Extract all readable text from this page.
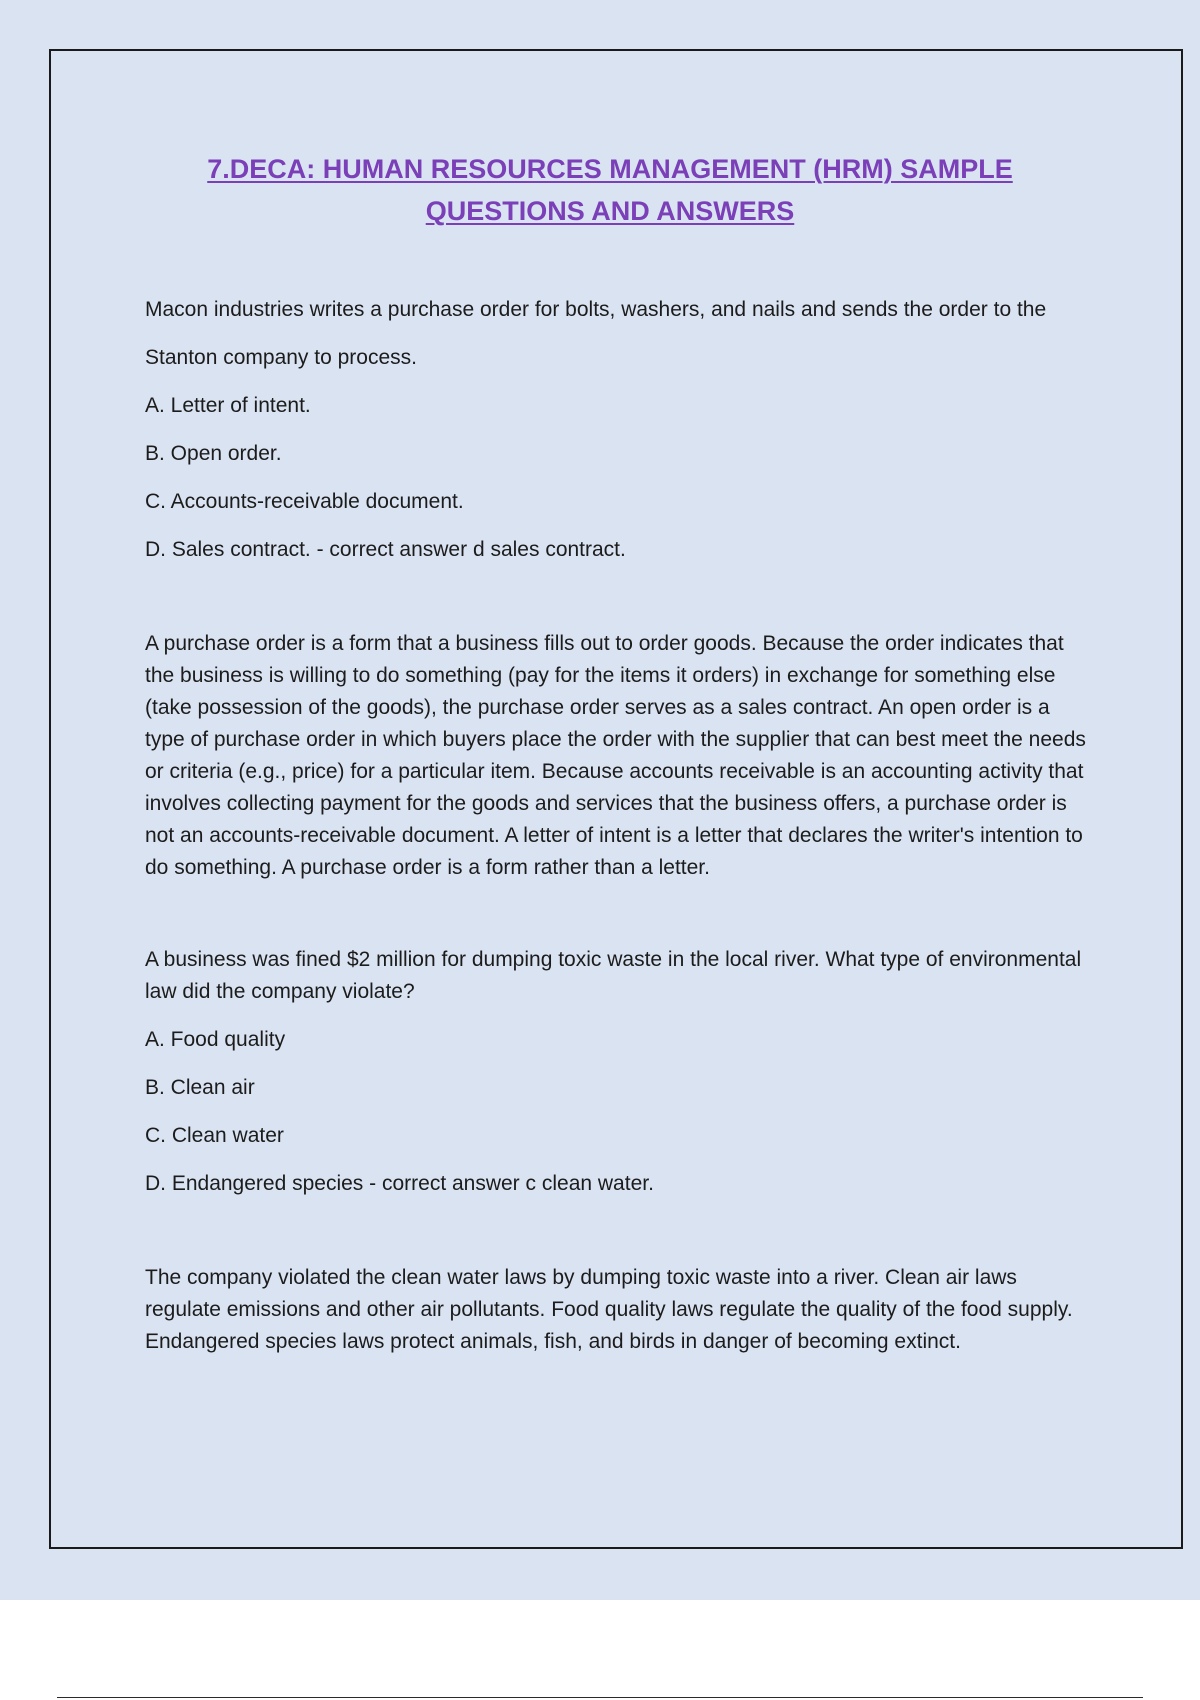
7.DECA: HUMAN RESOURCES MANAGEMENT (HRM) SAMPLE
QUESTIONS AND ANSWERS

Macon industries writes a purchase order for bolts, washers, and nails and sends the order to the

Stanton company to process.

A. Letter of intent.

B. Open order.

C. Accounts-receivable document.

D. Sales contract. - correct answer d sales contract.

A purchase order is a form that a business fills out to order goods. Because the order indicates that the business is willing to do something (pay for the items it orders) in exchange for something else (take possession of the goods), the purchase order serves as a sales contract. An open order is a type of purchase order in which buyers place the order with the supplier that can best meet the needs or criteria (e.g., price) for a particular item. Because accounts receivable is an accounting activity that involves collecting payment for the goods and services that the business offers, a purchase order is not an accounts-receivable document. A letter of intent is a letter that declares the writer's intention to do something. A purchase order is a form rather than a letter.

A business was fined $2 million for dumping toxic waste in the local river. What type of environmental law did the company violate?

A. Food quality

B. Clean air

C. Clean water

D. Endangered species - correct answer c clean water.

The company violated the clean water laws by dumping toxic waste into a river. Clean air laws regulate emissions and other air pollutants. Food quality laws regulate the quality of the food supply. Endangered species laws protect animals, fish, and birds in danger of becoming extinct.
